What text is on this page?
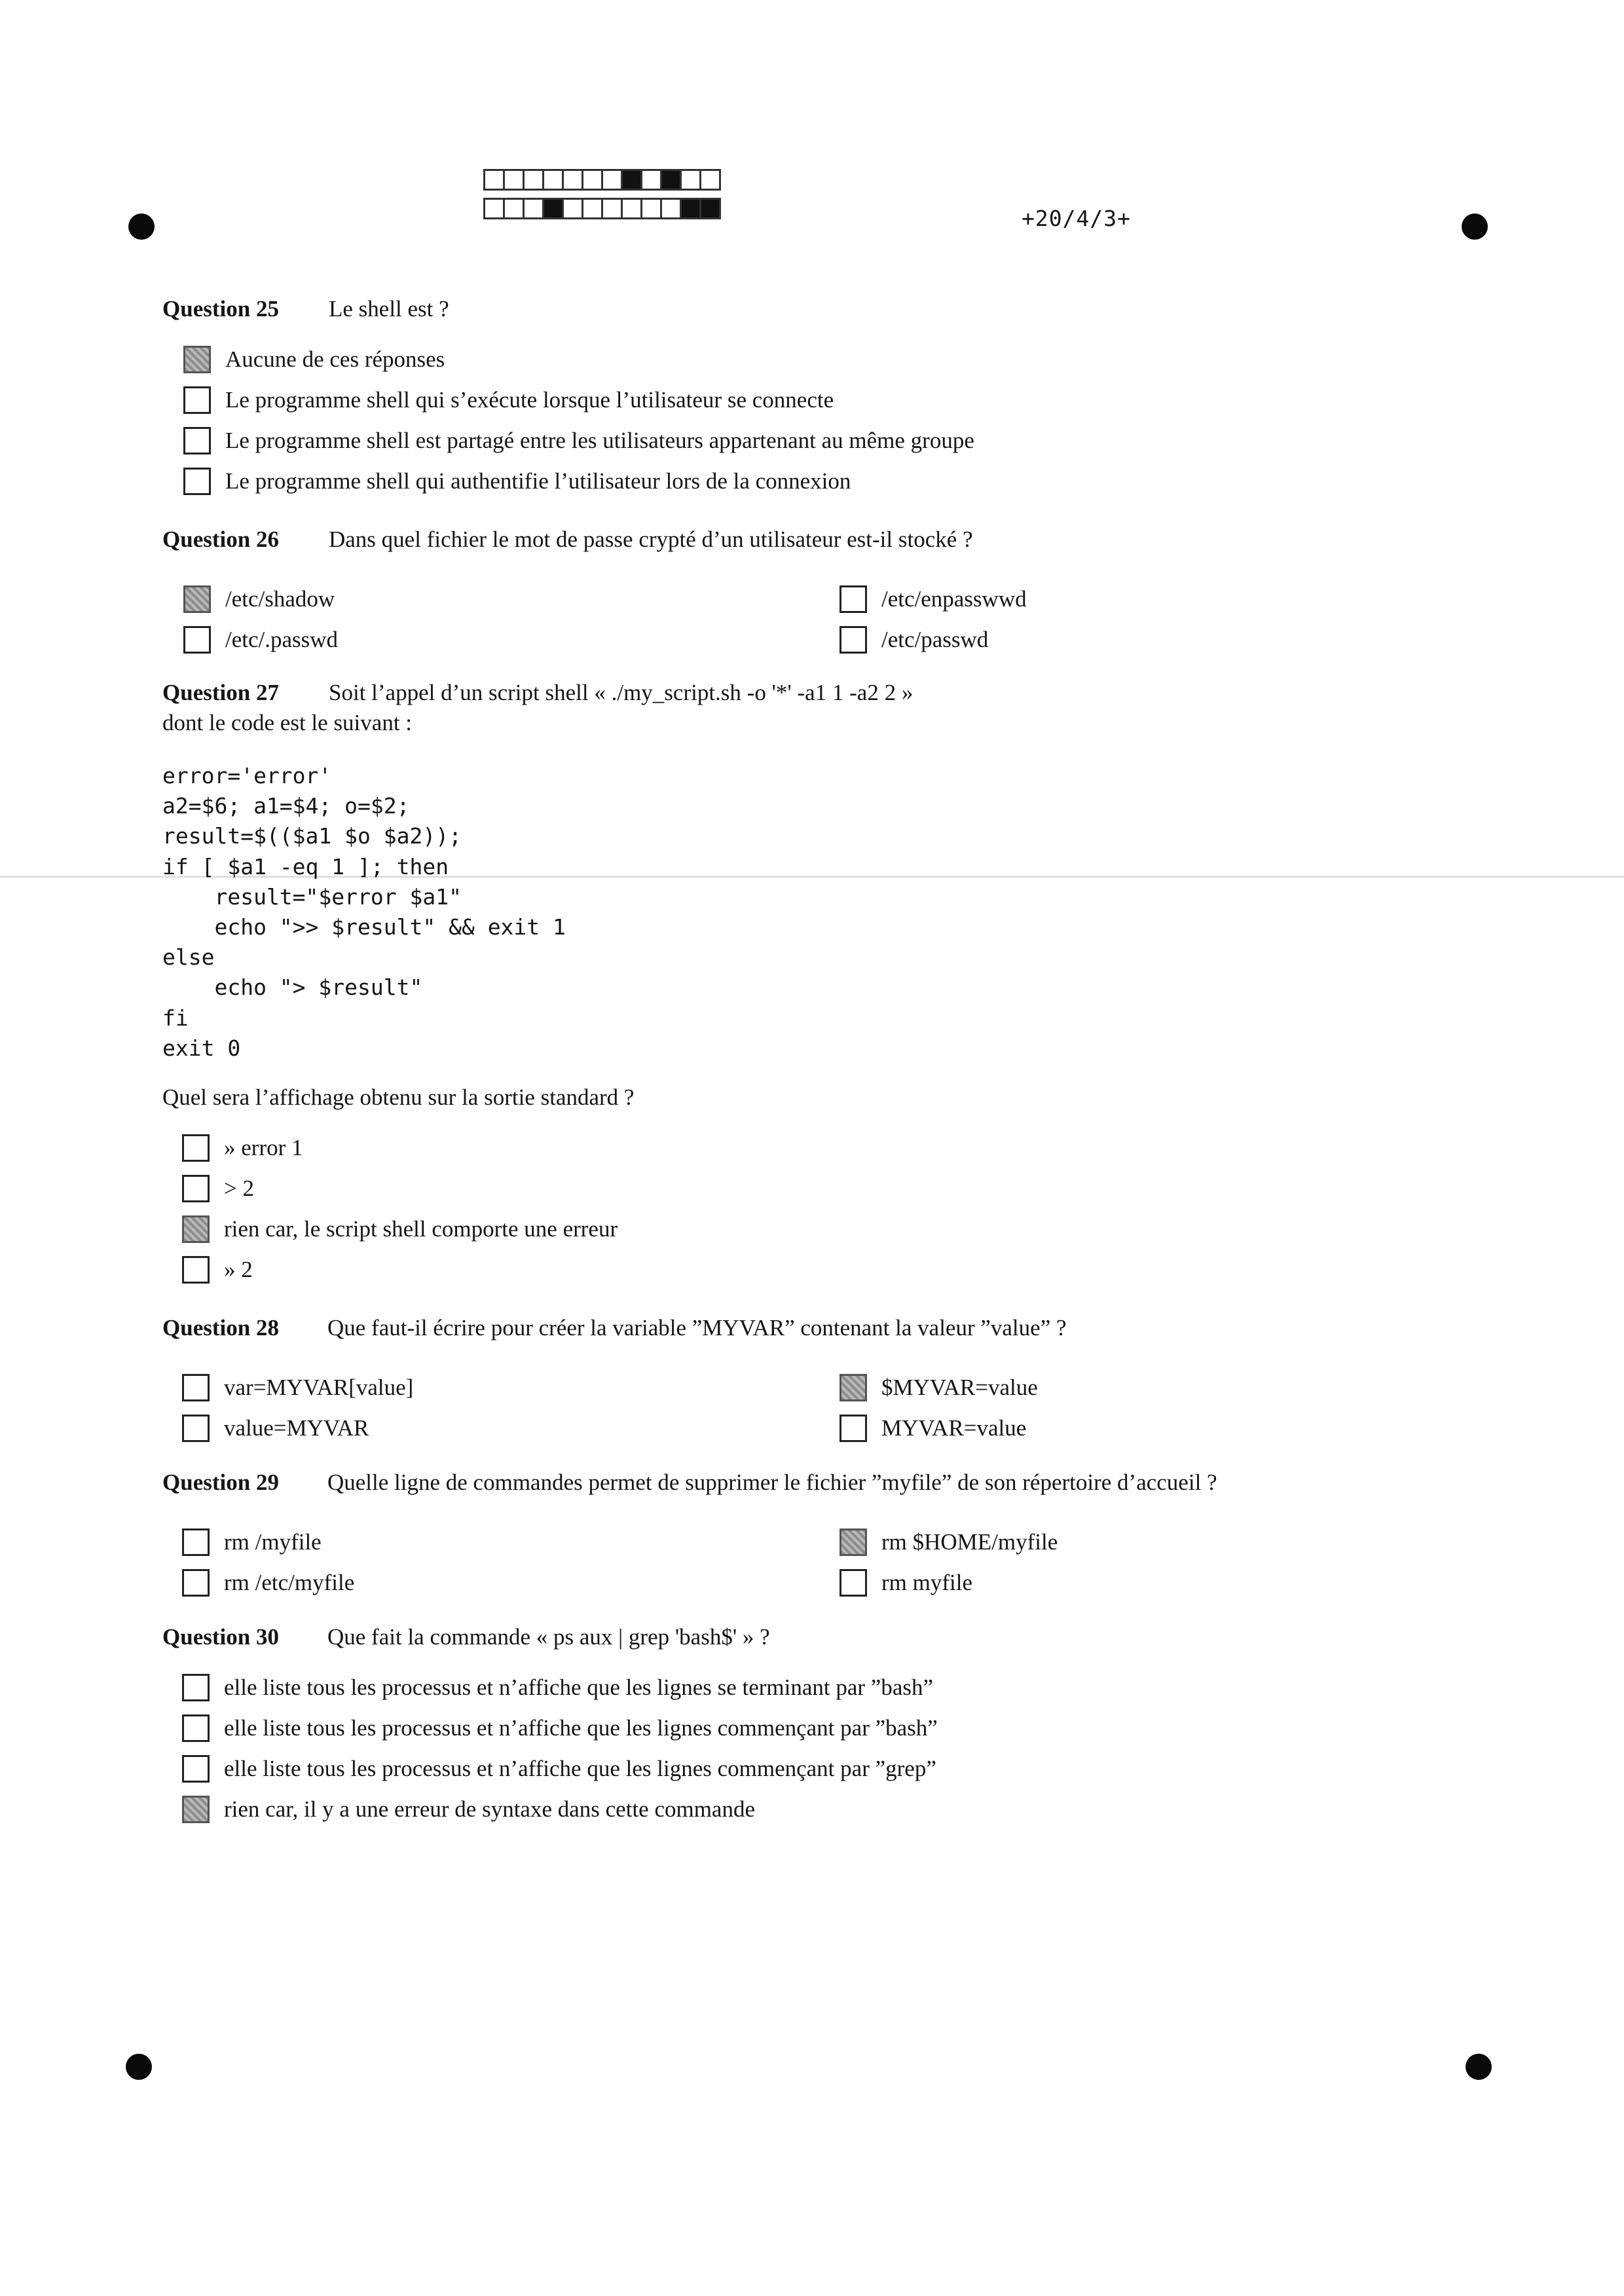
+20/4/3+
Question 25 Le shell est ?
Aucune de ces réponses
Le programme shell qui s’exécute lorsque l’utilisateur se connecte
Le programme shell est partagé entre les utilisateurs appartenant au même groupe
Le programme shell qui authentifie l’utilisateur lors de la connexion
Question 26 Dans quel fichier le mot de passe crypté d’un utilisateur est-il stocké ?
/etc/shadow
/etc/.passwd
/etc/enpasswwd
/etc/passwd
Question 27 Soit l’appel d’un script shell « ./my_script.sh -o '*' -a1 1 -a2 2 »
dont le code est le suivant :
error='error'
a2=$6; a1=$4; o=$2;
result=$(($a1 $o $a2));
if [ $a1 -eq 1 ]; then
result="$error $a1"
echo ">> $result" && exit 1
else
echo "> $result"
fi
exit 0
Quel sera l’affichage obtenu sur la sortie standard ?
» error 1
> 2
rien car, le script shell comporte une erreur
» 2
Question 28 Que faut-il écrire pour créer la variable ”MYVAR” contenant la valeur ”value” ?
var=MYVAR[value]
value=MYVAR
$MYVAR=value
MYVAR=value
Question 29 Quelle ligne de commandes permet de supprimer le fichier ”myfile” de son répertoire d’accueil ?
rm /myfile
rm /etc/myfile
rm $HOME/myfile
rm myfile
Question 30 Que fait la commande « ps aux | grep 'bash$' » ?
elle liste tous les processus et n’affiche que les lignes se terminant par ”bash”
elle liste tous les processus et n’affiche que les lignes commençant par ”bash”
elle liste tous les processus et n’affiche que les lignes commençant par ”grep”
rien car, il y a une erreur de syntaxe dans cette commande
